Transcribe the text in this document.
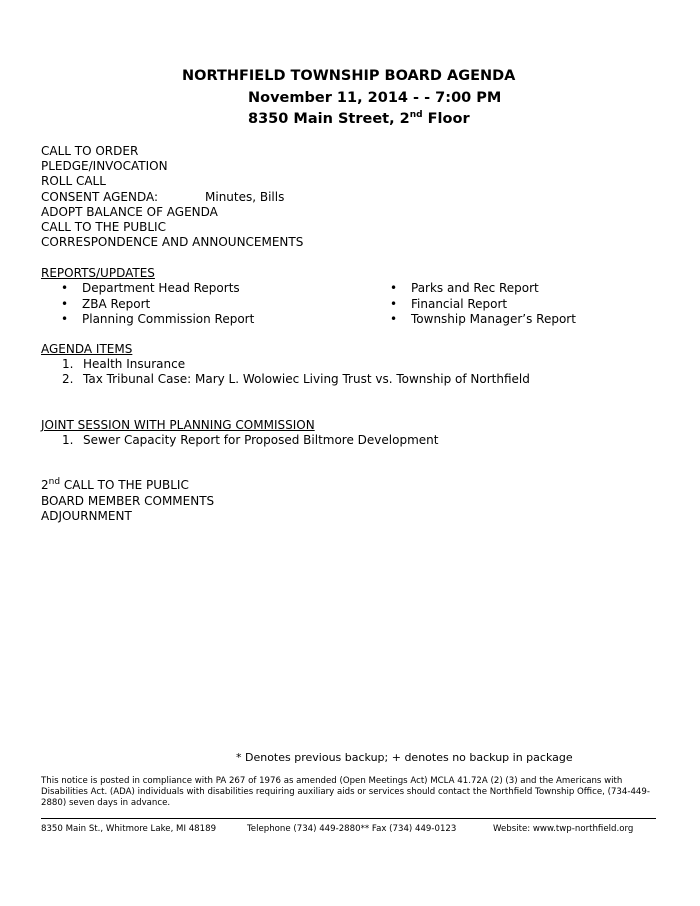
NORTHFIELD TOWNSHIP BOARD AGENDA
November 11, 2014 - - 7:00 PM
8350 Main Street, 2nd Floor
CALL TO ORDER
PLEDGE/INVOCATION
ROLL CALL
CONSENT AGENDA:	Minutes, Bills
ADOPT BALANCE OF AGENDA
CALL TO THE PUBLIC
CORRESPONDENCE AND ANNOUNCEMENTS
REPORTS/UPDATES
• Department Head Reports
• ZBA Report
• Planning Commission Report
• Parks and Rec Report
• Financial Report
• Township Manager’s Report
AGENDA ITEMS
1. Health Insurance
2. Tax Tribunal Case: Mary L. Wolowiec Living Trust vs. Township of Northfield
JOINT SESSION WITH PLANNING COMMISSION
1. Sewer Capacity Report for Proposed Biltmore Development
2nd CALL TO THE PUBLIC
BOARD MEMBER COMMENTS
ADJOURNMENT
* Denotes previous backup; + denotes no backup in package
This notice is posted in compliance with PA 267 of 1976 as amended (Open Meetings Act) MCLA 41.72A (2) (3) and the Americans with Disabilities Act. (ADA) individuals with disabilities requiring auxiliary aids or services should contact the Northfield Township Office, (734-449-2880) seven days in advance.
8350 Main St., Whitmore Lake, MI 48189	Telephone (734) 449-2880** Fax (734) 449-0123	Website: www.twp-northfield.org
